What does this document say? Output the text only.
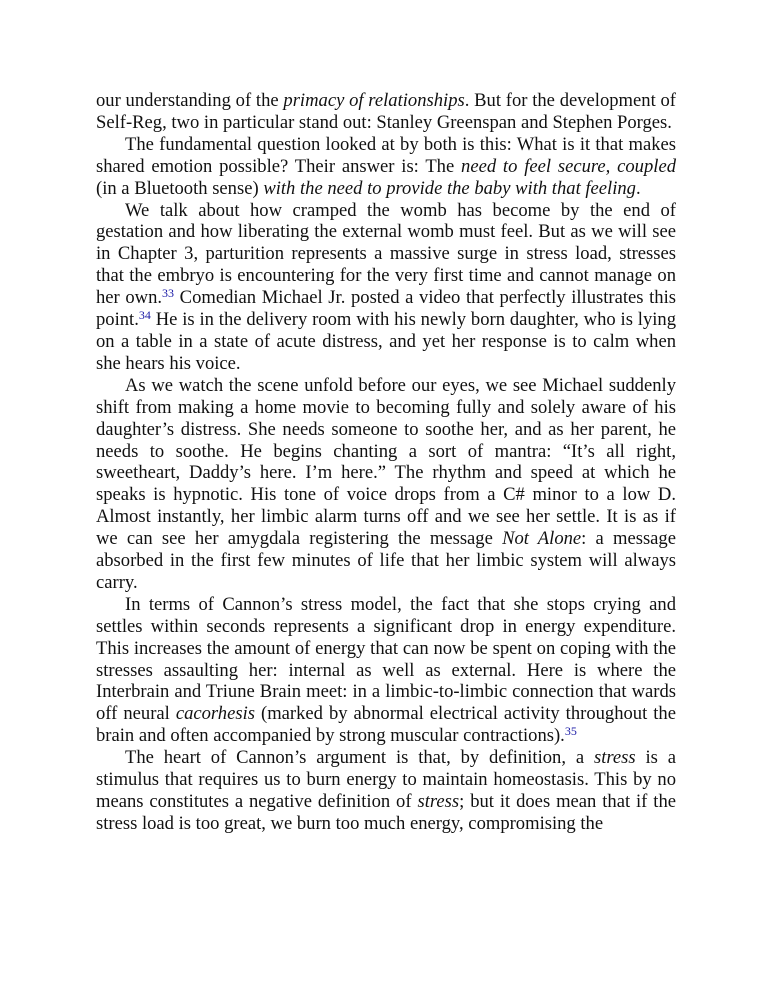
our understanding of the primacy of relationships. But for the development of Self-Reg, two in particular stand out: Stanley Greenspan and Stephen Porges.

The fundamental question looked at by both is this: What is it that makes shared emotion possible? Their answer is: The need to feel secure, coupled (in a Bluetooth sense) with the need to provide the baby with that feeling.

We talk about how cramped the womb has become by the end of gestation and how liberating the external womb must feel. But as we will see in Chapter 3, parturition represents a massive surge in stress load, stresses that the embryo is encountering for the very first time and cannot manage on her own.$^{33}$ Comedian Michael Jr. posted a video that perfectly illustrates this point.$^{34}$ He is in the delivery room with his newly born daughter, who is lying on a table in a state of acute distress, and yet her response is to calm when she hears his voice.

As we watch the scene unfold before our eyes, we see Michael suddenly shift from making a home movie to becoming fully and solely aware of his daughter’s distress. She needs someone to soothe her, and as her parent, he needs to soothe. He begins chanting a sort of mantra: “It’s all right, sweetheart, Daddy’s here. I’m here.” The rhythm and speed at which he speaks is hypnotic. His tone of voice drops from a C# minor to a low D. Almost instantly, her limbic alarm turns off and we see her settle. It is as if we can see her amygdala registering the message Not Alone: a message absorbed in the first few minutes of life that her limbic system will always carry.

In terms of Cannon’s stress model, the fact that she stops crying and settles within seconds represents a significant drop in energy expenditure. This increases the amount of energy that can now be spent on coping with the stresses assaulting her: internal as well as external. Here is where the Interbrain and Triune Brain meet: in a limbic-to-limbic connection that wards off neural cacorhesis (marked by abnormal electrical activity throughout the brain and often accompanied by strong muscular contractions).$^{35}$

The heart of Cannon’s argument is that, by definition, a stress is a stimulus that requires us to burn energy to maintain homeostasis. This by no means constitutes a negative definition of stress; but it does mean that if the stress load is too great, we burn too much energy, compromising the
